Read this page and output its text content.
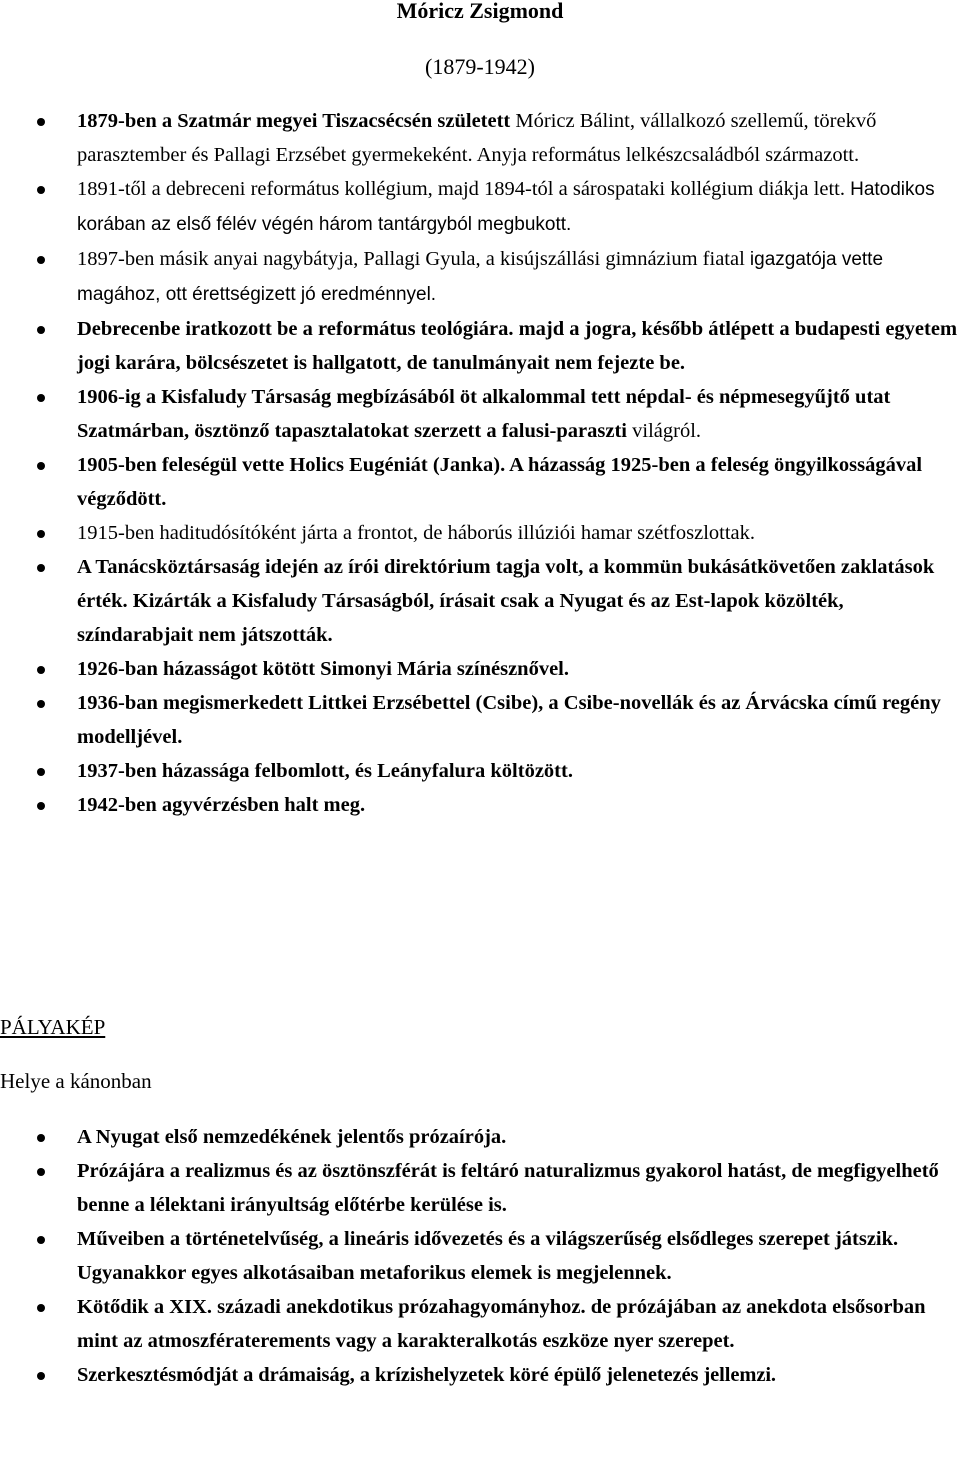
Móricz Zsigmond
(1879-1942)
1879-ben a Szatmár megyei Tiszacsécsén született Móricz Bálint, vállalkozó szellemű, törekvő parasztember és Pallagi Erzsébet gyermekeként. Anyja református lelkészcsaládból származott.
1891-től a debreceni református kollégium, majd 1894-tól a sárospataki kollégium diákja lett. Hatodikos korában az első félév végén három tantárgyból megbukott.
1897-ben másik anyai nagybátyja, Pallagi Gyula, a kisújszállási gimnázium fiatal igazgatója vette magához, ott érettségizett jó eredménnyel.
Debrecenbe iratkozott be a református teológiára. majd a jogra, később átlépett a budapesti egyetem jogi karára, bölcsészetet is hallgatott, de tanulmányait nem fejezte be.
1906-ig a Kisfaludy Társaság megbízásából öt alkalommal tett népdal- és népmesegyűjtő utat Szatmárban, ösztönző tapasztalatokat szerzett a falusi-paraszti világról.
1905-ben feleségül vette Holics Eugéniát (Janka). A házasság 1925-ben a feleség öngyilkosságával végződött.
1915-ben haditudósítóként járta a frontot, de háborús illúziói hamar szétfoszlottak.
A Tanácsköztársaság idején az írói direktórium tagja volt, a kommün bukásátkövetően zaklatások érték. Kizárták a Kisfaludy Társaságból, írásait csak a Nyugat és az Est-lapok közölték, színdarabjait nem játszották.
1926-ban házasságot kötött Simonyi Mária színésznővel.
1936-ban megismerkedett Littkei Erzsébettel (Csibe), a Csibe-novellák és az Árvácska című regény modelljével.
1937-ben házassága felbomlott, és Leányfalura költözött.
1942-ben agyvérzésben halt meg.
PÁLYAKÉP
Helye a kánonban
A Nyugat első nemzedékének jelentős prózaírója.
Prózájára a realizmus és az ösztönszférát is feltáró naturalizmus gyakorol hatást, de megfigyelhető benne a lélektani irányultság előtérbe kerülése is.
Műveiben a történetelvűség, a lineáris idővezetés és a világszerűség elsődleges szerepet játszik. Ugyanakkor egyes alkotásaiban metaforikus elemek is megjelennek.
Kötődik a XIX. századi anekdotikus prózahagyományhoz. de prózájában az anekdota elsősorban mint az atmoszfératerements vagy a karakteralkotás eszköze nyer szerepet.
Szerkesztésmódját a drámaiság, a krízishelyzetek köré épülő jelenetezés jellemzi.
